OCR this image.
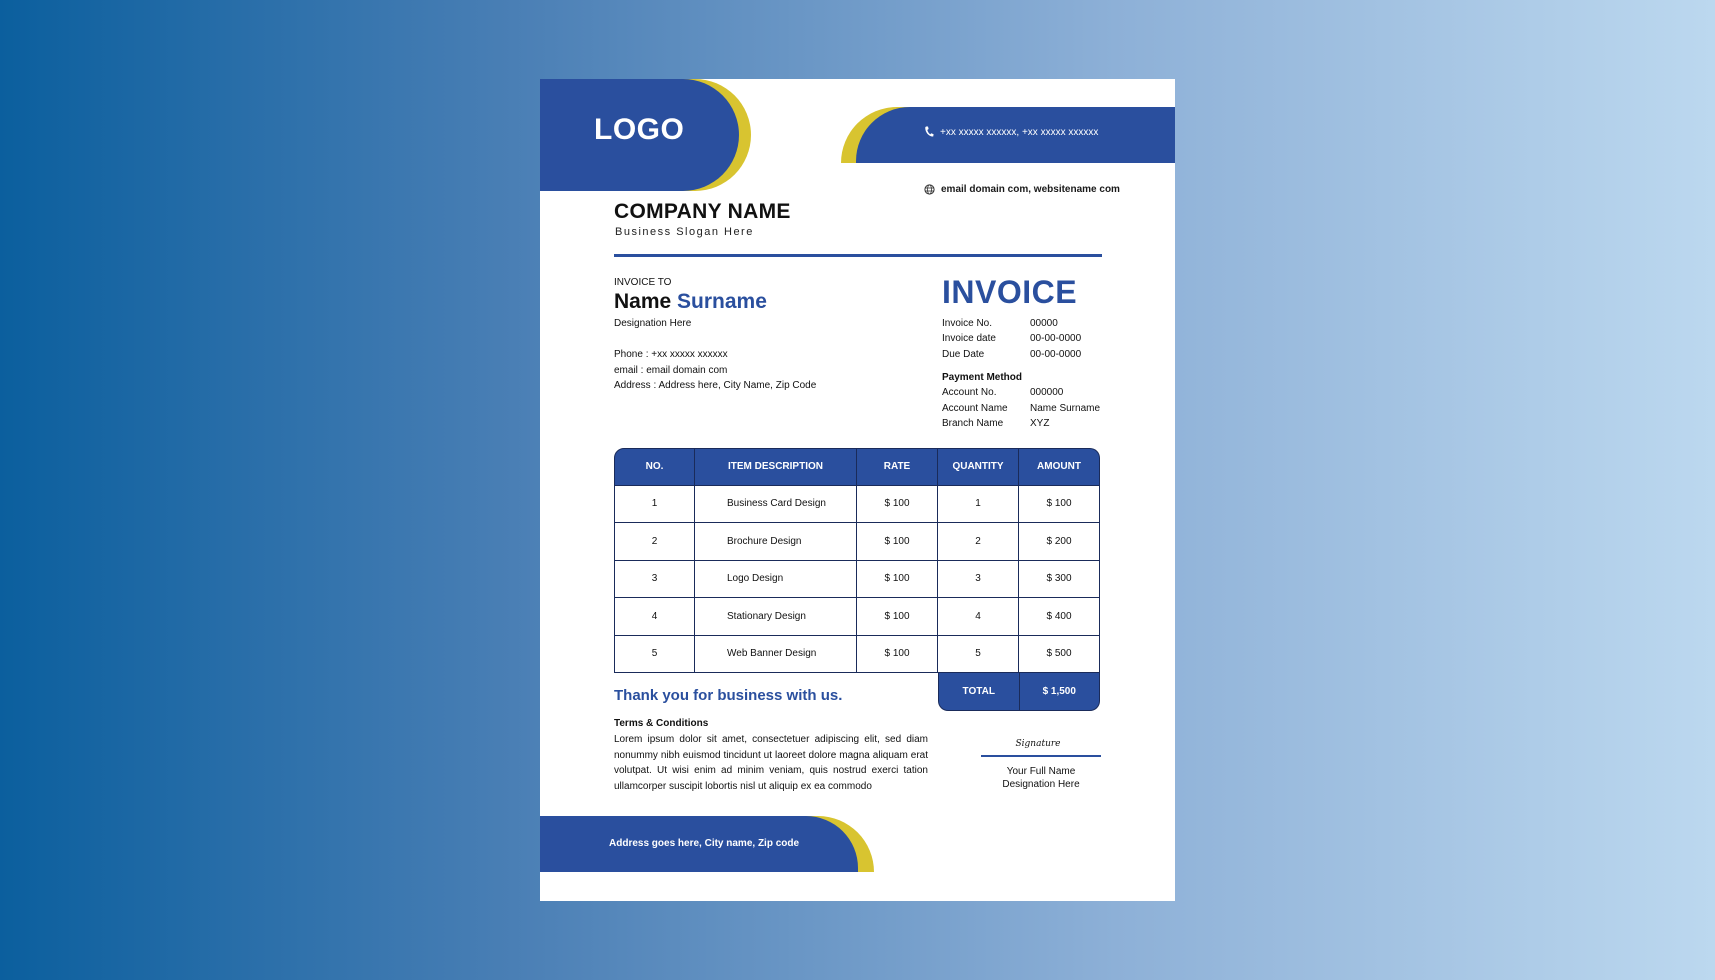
LOGO	+xx xxxxx xxxxxx, +xx xxxxx xxxxxx
email domain com, websitename com
COMPANY NAME
Business Slogan Here
INVOICE TO
Name Surname
Designation Here
Phone : +xx xxxxx xxxxxx
email : email domain com
Address : Address here, City Name, Zip Code
INVOICE
Invoice No.	00000
Invoice date	00-00-0000
Due Date	00-00-0000
Payment Method
Account No.	000000
Account Name	Name Surname
Branch Name	XYZ
NO.	ITEM DESCRIPTION	RATE	QUANTITY	AMOUNT
1	Business Card Design	$ 100	1	$ 100
2	Brochure Design	$ 100	2	$ 200
3	Logo Design	$ 100	3	$ 300
4	Stationary Design	$ 100	4	$ 400
5	Web Banner Design	$ 100	5	$ 500
TOTAL	$ 1,500
Thank you for business with us.
Terms & Conditions
Lorem ipsum dolor sit amet, consectetuer adipiscing elit, sed diam nonummy nibh euismod tincidunt ut laoreet dolore magna aliquam erat volutpat. Ut wisi enim ad minim veniam, quis nostrud exerci tation ullamcorper suscipit lobortis nisl ut aliquip ex ea commodo
Signature
Your Full Name
Designation Here
Address goes here, City name, Zip code
